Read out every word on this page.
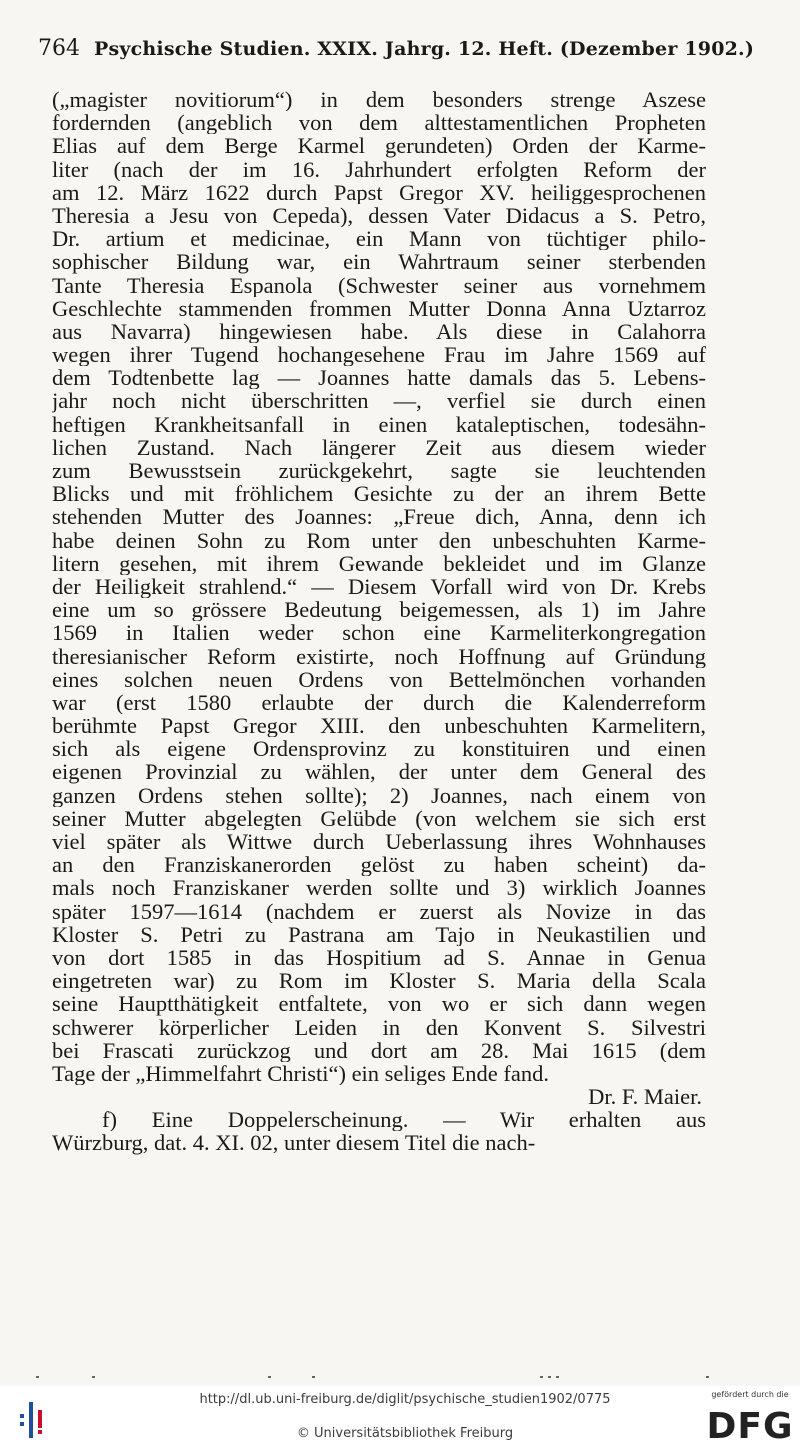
764 Psychische Studien. XXIX. Jahrg. 12. Heft. (Dezember 1902.)
(„magister novitiorum“) in dem besonders strenge Aszese
fordernden (angeblich von dem alttestamentlichen Propheten
Elias auf dem Berge Karmel gerundeten) Orden der Karme-
liter (nach der im 16. Jahrhundert erfolgten Reform der
am 12. März 1622 durch Papst Gregor XV. heiliggesprochenen
Theresia a Jesu von Cepeda), dessen Vater Didacus a S. Petro,
Dr. artium et medicinae, ein Mann von tüchtiger philo-
sophischer Bildung war, ein Wahrtraum seiner sterbenden
Tante Theresia Espanola (Schwester seiner aus vornehmem
Geschlechte stammenden frommen Mutter Donna Anna Uztarroz
aus Navarra) hingewiesen habe. Als diese in Calahorra
wegen ihrer Tugend hochangesehene Frau im Jahre 1569 auf
dem Todtenbette lag — Joannes hatte damals das 5. Lebens-
jahr noch nicht überschritten —, verfiel sie durch einen
heftigen Krankheitsanfall in einen kataleptischen, todesähn-
lichen Zustand. Nach längerer Zeit aus diesem wieder
zum Bewusstsein zurückgekehrt, sagte sie leuchtenden
Blicks und mit fröhlichem Gesichte zu der an ihrem Bette
stehenden Mutter des Joannes: „Freue dich, Anna, denn ich
habe deinen Sohn zu Rom unter den unbeschuhten Karme-
litern gesehen, mit ihrem Gewande bekleidet und im Glanze
der Heiligkeit strahlend.“ — Diesem Vorfall wird von Dr. Krebs
eine um so grössere Bedeutung beigemessen, als 1) im Jahre
1569 in Italien weder schon eine Karmeliterkongregation
theresianischer Reform existirte, noch Hoffnung auf Gründung
eines solchen neuen Ordens von Bettelmönchen vorhanden
war (erst 1580 erlaubte der durch die Kalenderreform
berühmte Papst Gregor XIII. den unbeschuhten Karmelitern,
sich als eigene Ordensprovinz zu konstituiren und einen
eigenen Provinzial zu wählen, der unter dem General des
ganzen Ordens stehen sollte); 2) Joannes, nach einem von
seiner Mutter abgelegten Gelübde (von welchem sie sich erst
viel später als Wittwe durch Ueberlassung ihres Wohnhauses
an den Franziskanerorden gelöst zu haben scheint) da-
mals noch Franziskaner werden sollte und 3) wirklich Joannes
später 1597—1614 (nachdem er zuerst als Novize in das
Kloster S. Petri zu Pastrana am Tajo in Neukastilien und
von dort 1585 in das Hospitium ad S. Annae in Genua
eingetreten war) zu Rom im Kloster S. Maria della Scala
seine Hauptthätigkeit entfaltete, von wo er sich dann wegen
schwerer körperlicher Leiden in den Konvent S. Silvestri
bei Frascati zurückzog und dort am 28. Mai 1615 (dem
Tage der „Himmelfahrt Christi“) ein seliges Ende fand.
Dr. F. Maier.
f) Eine Doppelerscheinung. — Wir erhalten aus
Würzburg, dat. 4. XI. 02, unter diesem Titel die nach-
http://dl.ub.uni-freiburg.de/diglit/psychische_studien1902/0775
© Universitätsbibliothek Freiburg
gefördert durch die
DFG
